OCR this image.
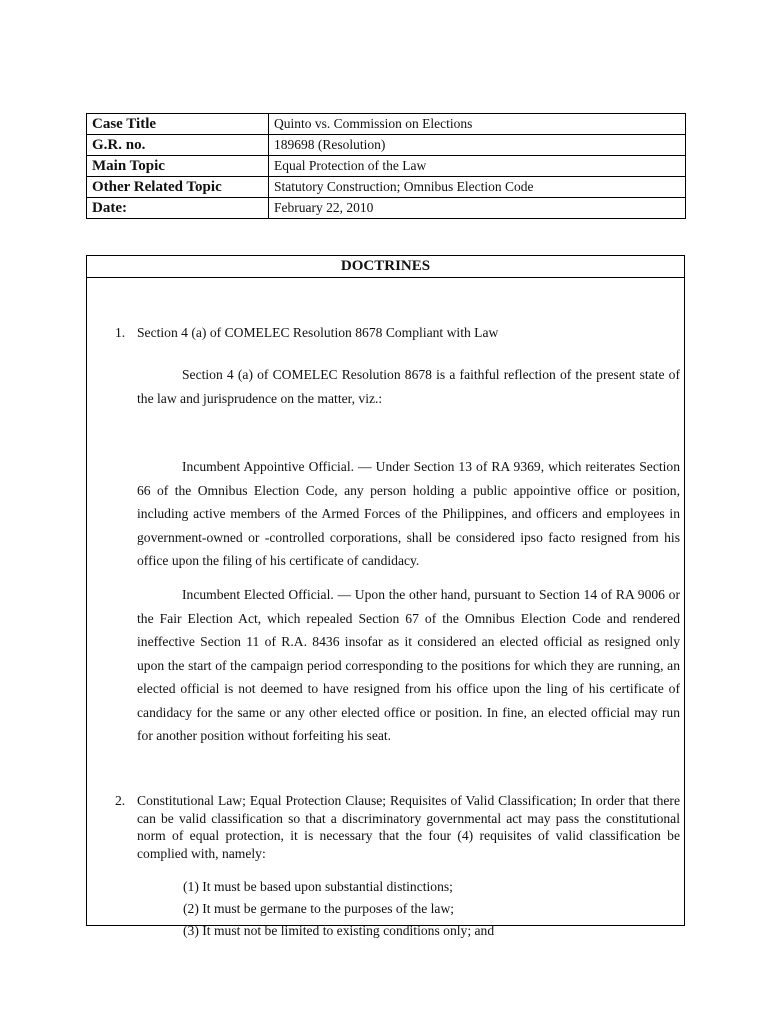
Case Title	Quinto vs. Commission on Elections
G.R. no.	189698 (Resolution)
Main Topic	Equal Protection of the Law
Other Related Topic	Statutory Construction; Omnibus Election Code
Date:	February 22, 2010
DOCTRINES
1. Section 4 (a) of COMELEC Resolution 8678 Compliant with Law
Section 4 (a) of COMELEC Resolution 8678 is a faithful reflection of the present state of the law and jurisprudence on the matter, viz.:
Incumbent Appointive Official. — Under Section 13 of RA 9369, which reiterates Section 66 of the Omnibus Election Code, any person holding a public appointive office or position, including active members of the Armed Forces of the Philippines, and officers and employees in government-owned or -controlled corporations, shall be considered ipso facto resigned from his office upon the filing of his certificate of candidacy.
Incumbent Elected Official. — Upon the other hand, pursuant to Section 14 of RA 9006 or the Fair Election Act, which repealed Section 67 of the Omnibus Election Code and rendered ineffective Section 11 of R.A. 8436 insofar as it considered an elected official as resigned only upon the start of the campaign period corresponding to the positions for which they are running, an elected official is not deemed to have resigned from his office upon the ling of his certificate of candidacy for the same or any other elected office or position. In fine, an elected official may run for another position without forfeiting his seat.
2. Constitutional Law; Equal Protection Clause; Requisites of Valid Classification; In order that there can be valid classification so that a discriminatory governmental act may pass the constitutional norm of equal protection, it is necessary that the four (4) requisites of valid classification be complied with, namely:
(1) It must be based upon substantial distinctions;
(2) It must be germane to the purposes of the law;
(3) It must not be limited to existing conditions only; and
